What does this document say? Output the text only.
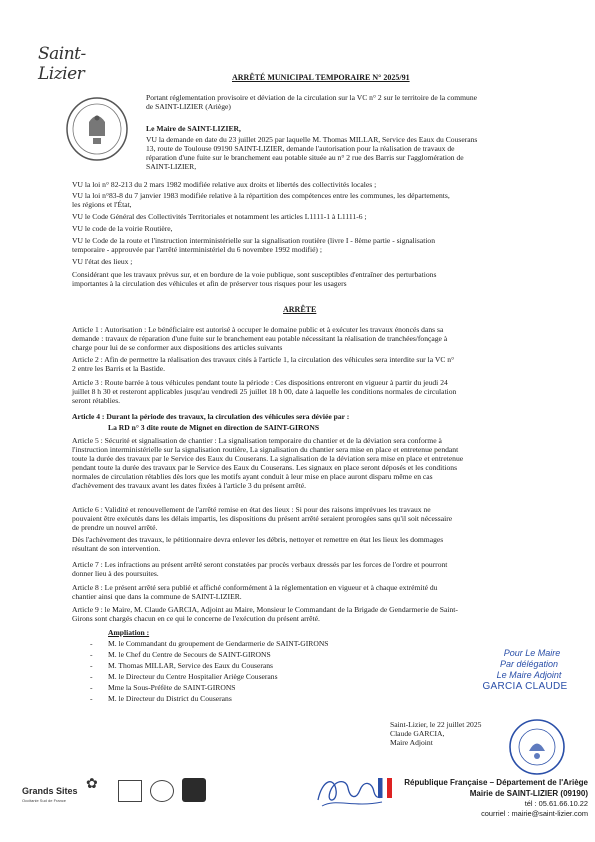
Saint-Lizier	ARRÊTÉ MUNICIPAL TEMPORAIRE N° 2025/91
Portant réglementation provisoire et déviation de la circulation sur la VC n° 2 sur le territoire de la commune
de SAINT-LIZIER (Ariège)
Le Maire de SAINT-LIZIER,
VU la demande en date du 23 juillet 2025 par laquelle M. Thomas MILLAR, Service des Eaux du Couserans
13, route de Toulouse 09190 SAINT-LIZIER, demande l'autorisation pour la réalisation de travaux de
réparation d'une fuite sur le branchement eau potable située au n° 2 rue des Barris sur l'agglomération de
SAINT-LIZIER,
VU la loi n° 82-213 du 2 mars 1982 modifiée relative aux droits et libertés des collectivités locales ;
VU la loi n°83-8 du 7 janvier 1983 modifiée relative à la répartition des compétences entre les communes, les départements,
les régions et l'État,
VU le Code Général des Collectivités Territoriales et notamment les articles L1111-1 à L1111-6 ;
VU le code de la voirie Routière,
VU le Code de la route et l'instruction interministérielle sur la signalisation routière (livre I - 8ème partie - signalisation
temporaire - approuvée par l'arrêté interministériel du 6 novembre 1992 modifié) ;
VU l'état des lieux ;
Considérant que les travaux prévus sur, et en bordure de la voie publique, sont susceptibles d'entraîner des perturbations
importantes à la circulation des véhicules et afin de préserver tous risques pour les usagers
ARRÊTE
Article 1 : Autorisation : Le bénéficiaire est autorisé à occuper le domaine public et à exécuter les travaux énoncés dans sa
demande : travaux de réparation d'une fuite sur le branchement eau potable nécessitant la réalisation de tranchées/fonçage à
charge pour lui de se conformer aux dispositions des articles suivants
Article 2 : Afin de permettre la réalisation des travaux cités à l'article 1, la circulation des véhicules sera interdite sur la VC n°
2 entre les Barris et la Bastide.
Article 3 : Route barrée à tous véhicules pendant toute la période : Ces dispositions entreront en vigueur à partir du jeudi 24
juillet 8 h 30 et resteront applicables jusqu'au vendredi 25 juillet 18 h 00, date à laquelle les conditions normales de circulation
seront rétablies.
Article 4 : Durant la période des travaux, la circulation des véhicules sera déviée par :
La RD n° 3 dite route de Mignet en direction de SAINT-GIRONS
Article 5 : Sécurité et signalisation de chantier : La signalisation temporaire du chantier et de la déviation sera conforme à
l'instruction interministérielle sur la signalisation routière, La signalisation du chantier sera mise en place et entretenue pendant
toute la durée des travaux par le Service des Eaux du Couserans. La signalisation de la déviation sera mise en place et entretenue
pendant toute la durée des travaux par le Service des Eaux du Couserans. Les signaux en place seront déposés et les conditions
normales de circulation rétablies dès lors que les motifs ayant conduit à leur mise en place auront disparu même en cas
d'achèvement des travaux avant les dates fixées à l'article 3 du présent arrêté.
Article 6 : Validité et renouvellement de l'arrêté remise en état des lieux : Si pour des raisons imprévues les travaux ne
pouvaient être exécutés dans les délais impartis, les dispositions du présent arrêté seraient prorogées sans qu'il soit nécessaire
de prendre un nouvel arrêté.
Dès l'achèvement des travaux, le pétitionnaire devra enlever les débris, nettoyer et remettre en état les lieux les dommages
résultant de son intervention.
Article 7 : Les infractions au présent arrêté seront constatées par procès verbaux dressés par les forces de l'ordre et pourront
donner lieu à des poursuites.
Article 8 : Le présent arrêté sera publié et affiché conformément à la réglementation en vigueur et à chaque extrémité du
chantier ainsi que dans la commune de SAINT-LIZIER.
Article 9 : le Maire, M. Claude GARCIA, Adjoint au Maire, Monsieur le Commandant de la Brigade de Gendarmerie de Saint-
Girons sont chargés chacun en ce qui le concerne de l'exécution du présent arrêté.
Ampliation :
- M. le Commandant du groupement de Gendarmerie de SAINT-GIRONS
- M. le Chef du Centre de Secours de SAINT-GIRONS
- M. Thomas MILLAR, Service des Eaux du Couserans
- M. le Directeur du Centre Hospitalier Ariège Couserans
- Mme la Sous-Préfète de SAINT-GIRONS
- M. le Directeur du District du Couserans
Pour Le Maire
Par délégation
Le Maire Adjoint
GARCIA CLAUDE
Saint-Lizier, le 22 juillet 2025
Claude GARCIA,
Maire Adjoint
Grands Sites
Occitanie Sud de France
✿	République Française – Département de l'Ariège
Mairie de SAINT-LIZIER (09190)
tél : 05.61.66.10.22
courriel : mairie@saint-lizier.com
